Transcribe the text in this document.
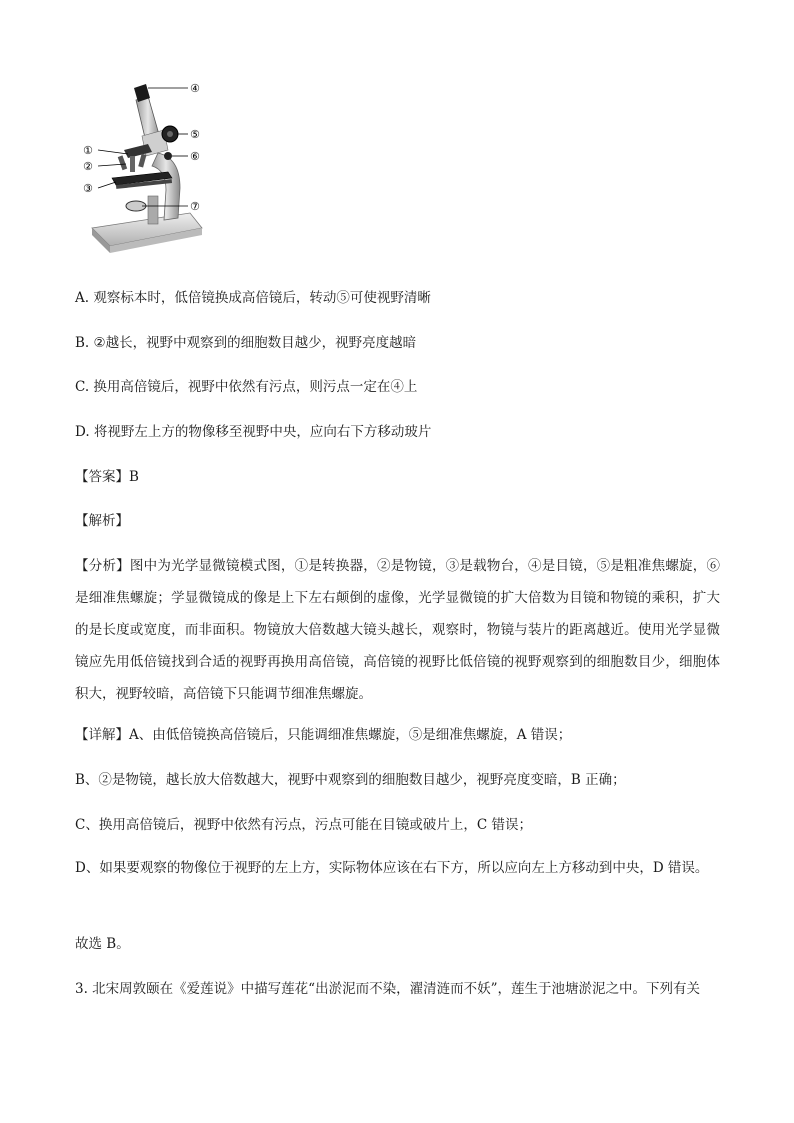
④
⑤
⑥
①
②
③
⑦
A. 观察标本时，低倍镜换成高倍镜后，转动⑤可使视野清晰
B. ②越长，视野中观察到的细胞数目越少，视野亮度越暗
C. 换用高倍镜后，视野中依然有污点，则污点一定在④上
D. 将视野左上方的物像移至视野中央，应向右下方移动玻片
【答案】B
【解析】
【分析】图中为光学显微镜模式图，①是转换器，②是物镜，③是载物台，④是目镜，⑤是粗准焦螺旋，⑥是细准焦螺旋；学显微镜成的像是上下左右颠倒的虚像，光学显微镜的扩大倍数为目镜和物镜的乘积，扩大的是长度或宽度，而非面积。物镜放大倍数越大镜头越长，观察时，物镜与装片的距离越近。使用光学显微镜应先用低倍镜找到合适的视野再换用高倍镜，高倍镜的视野比低倍镜的视野观察到的细胞数目少，细胞体积大，视野较暗，高倍镜下只能调节细准焦螺旋。
【详解】A、由低倍镜换高倍镜后，只能调细准焦螺旋，⑤是细准焦螺旋，A 错误；
B、②是物镜，越长放大倍数越大，视野中观察到的细胞数目越少，视野亮度变暗，B 正确；
C、换用高倍镜后，视野中依然有污点，污点可能在目镜或破片上，C 错误；
D、如果要观察的物像位于视野的左上方，实际物体应该在右下方，所以应向左上方移动到中央，D 错误。
故选 B。
3. 北宋周敦颐在《爱莲说》中描写莲花“出淤泥而不染，濯清涟而不妖”，莲生于池塘淤泥之中。下列有关
